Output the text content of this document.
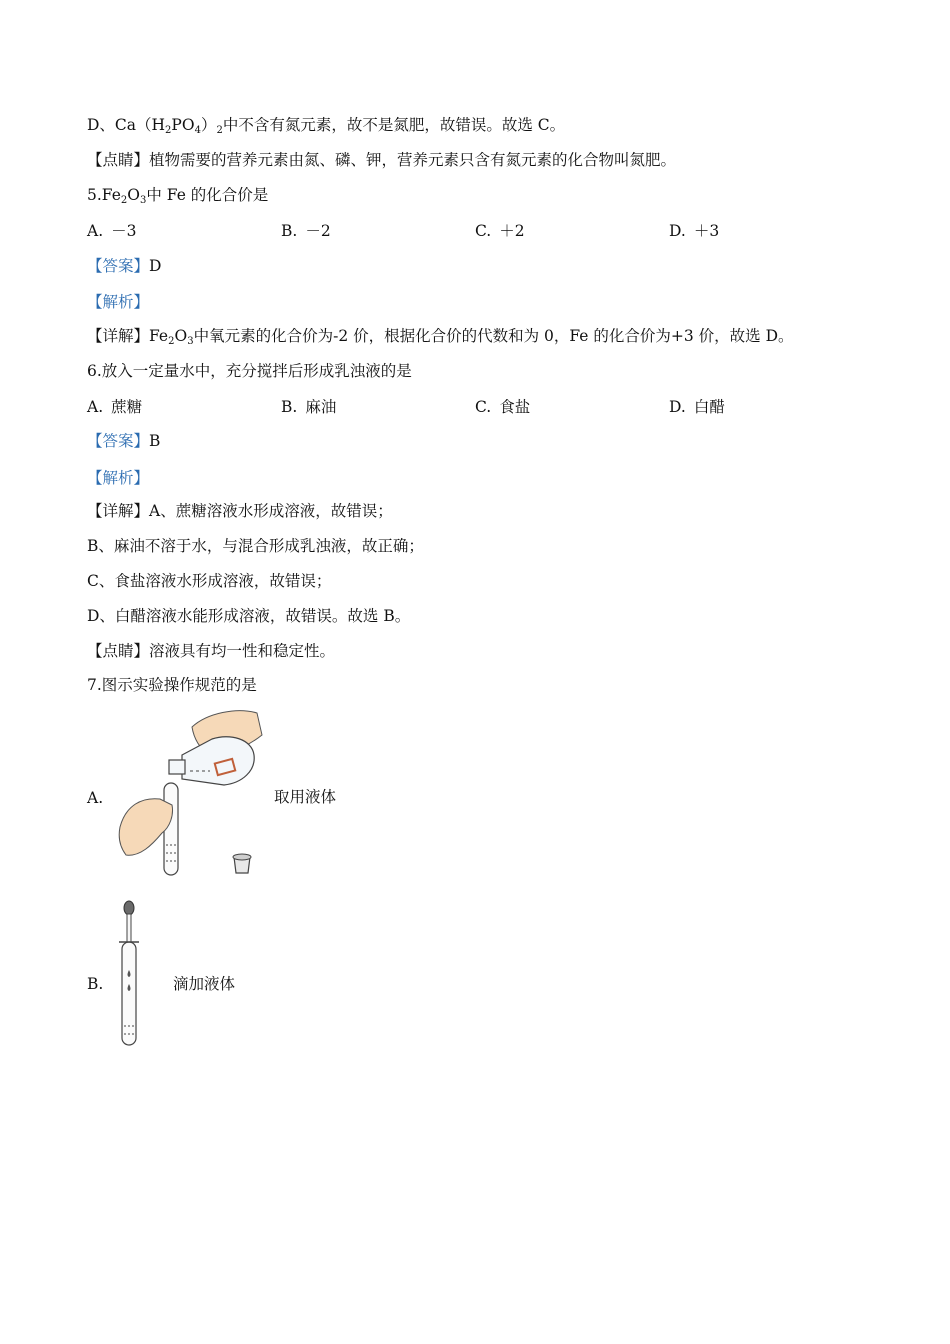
D、$Ca(H_2PO_4)_2$中不含有氮元素，故不是氮肥，故错误。故选 C。
【点睛】植物需要的营养元素由氮、磷、钾，营养元素只含有氮元素的化合物叫氮肥。
$5.Fe_2O_3$中 Fe 的化合价是
A. －3	B. －2	C. ＋2	D. ＋3
【答案】D
【解析】
【详解】$Fe_2O_3$中氧元素的化合价为-2 价，根据化合价的代数和为 0，Fe 的化合价为+3 价，故选 D。
6.放入一定量水中，充分搅拌后形成乳浊液的是
A. 蔗糖	B. 麻油	C. 食盐	D. 白醋
【答案】B
【解析】
【详解】A、蔗糖溶液水形成溶液，故错误；
B、麻油不溶于水，与混合形成乳浊液，故正确；
C、食盐溶液水形成溶液，故错误；
D、白醋溶液水能形成溶液，故错误。故选 B。
【点睛】溶液具有均一性和稳定性。
7.图示实验操作规范的是
A.	取用液体
B.	滴加液体
